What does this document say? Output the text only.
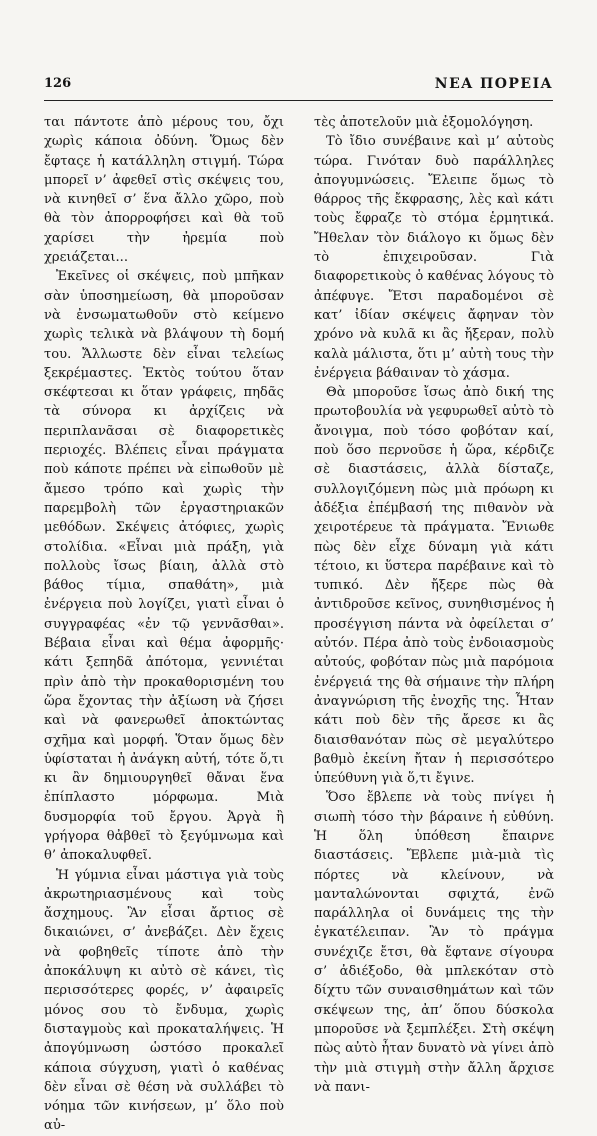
126	ΝΕΑ ΠΟΡΕΙΑ

ται πάντοτε ἀπὸ μέρους του, ὄχι χωρὶς κάποια ὀδύνη. Ὅμως δὲν ἔφταςε ἡ κατάλληλη στιγμή. Τώρα μπορεῖ ν’ ἀφεθεῖ στὶς σκέψεις του, νὰ κινηθεῖ σ’ ἕνα ἄλλο χῶρο, ποὺ θὰ τὸν ἀπορροφήσει καὶ θὰ τοῦ χαρίσει τὴν ἠρεμία ποὺ χρειάζεται...

Ἐκεῖνες οἱ σκέψεις, ποὺ μπῆκαν σὰν ὑποσημείωση, θὰ μποροῦσαν νὰ ἐνσωματωθοῦν στὸ κείμενο χωρὶς τελικὰ νὰ βλάψουν τὴ δομή του. Ἄλλωστε δὲν εἶναι τελείως ξεκρέμαστες. Ἐκτὸς τούτου ὅταν σκέφτεσαι κι ὅταν γράφεις, πηδᾶς τὰ σύνορα κι ἀρχίζεις νὰ περιπλανᾶσαι σὲ διαφορετικὲς περιοχές. Βλέπεις εἶναι πράγματα ποὺ κάποτε πρέπει νὰ εἰπωθοῦν μὲ ἄμεσο τρόπο καὶ χωρὶς τὴν παρεμβολὴ τῶν ἐργαστηριακῶν μεθόδων. Σκέψεις ἀτόφιες, χωρὶς στολίδια. «Εἶναι μιὰ πράξη, γιὰ πολλοὺς ἴσως βίαιη, ἀλλὰ στὸ βάθος τίμια, σπαθάτη», μιὰ ἐνέργεια ποὺ λογίζει, γιατὶ εἶναι ὁ συγγραφέας «ἐν τῷ γεννᾶσθαι». Βέβαια εἶναι καὶ θέμα ἀφορμῆς· κάτι ξεπηδᾶ ἀπότομα, γεννιέται πρὶν ἀπὸ τὴν προκαθορισμένη του ὥρα ἔχοντας τὴν ἀξίωση νὰ ζήσει καὶ νὰ φανερωθεῖ ἀποκτώντας σχῆμα καὶ μορφή. Ὅταν ὅμως δὲν ὑφίσταται ἡ ἀνάγκη αὐτή, τότε ὅ,τι κι ἂν δημιουργηθεῖ θἄναι ἕνα ἐπίπλαστο μόρφωμα. Μιὰ δυσμορφία τοῦ ἔργου. Ἀργὰ ἢ γρήγορα θἀβθεῖ τὸ ξεγύμνωμα καὶ θ’ ἀποκαλυφθεῖ.

Ἡ γύμνια εἶναι μάστιγα γιὰ τοὺς ἀκρωτηριασμένους καὶ τοὺς ἄσχημους. Ἂν εἶσαι ἄρτιος σὲ δικαιώνει, σ’ ἀνεβάζει. Δὲν ἔχεις νὰ φοβηθεῖς τίποτε ἀπὸ τὴν ἀποκάλυψη κι αὐτὸ σὲ κάνει, τὶς περισσότερες φορές, ν’ ἀφαιρεῖς μόνος σου τὸ ἔνδυμα, χωρὶς δισταγμοὺς καὶ προκαταλήψεις. Ἡ ἀπογύμνωση ὡστόσο προκαλεῖ κάποια σύγχυση, γιατὶ ὁ καθένας δὲν εἶναι σὲ θέση νὰ συλλάβει τὸ νόημα τῶν κινήσεων, μ’ ὅλο ποὺ αὐ-

τὲς ἀποτελοῦν μιὰ ἐξομολόγηση.

Τὸ ἴδιο συνέβαινε καὶ μ’ αὐτοὺς τώρα. Γινόταν δυὸ παράλληλες ἀπογυμνώσεις. Ἔλειπε ὅμως τὸ θάρρος τῆς ἔκφρασης, λὲς καὶ κάτι τοὺς ἔφραζε τὸ στόμα ἑρμητικά. Ἤθελαν τὸν διάλογο κι ὅμως δὲν τὸ ἐπιχειροῦσαν. Γιὰ διαφορετικοὺς ὁ καθένας λόγους τὸ ἀπέφυγε. Ἔτσι παραδομένοι σὲ κατ’ ἰδίαν σκέψεις ἄφηναν τὸν χρόνο νὰ κυλᾶ κι ἂς ἤξεραν, πολὺ καλὰ μάλιστα, ὅτι μ’ αὐτὴ τους τὴν ἐνέργεια βάθαιναν τὸ χάσμα.

Θὰ μποροῦσε ἴσως ἀπὸ δική της πρωτοβουλία νὰ γεφυρωθεῖ αὐτὸ τὸ ἄνοιγμα, ποὺ τόσο φοβόταν καί, ποὺ ὅσο περνοῦσε ἡ ὥρα, κέρδιζε σὲ διαστάσεις, ἀλλὰ δίσταζε, συλλογιζόμενη πὼς μιὰ πρόωρη κι ἀδέξια ἐπέμβασή της πιθανὸν νὰ χειροτέρευε τὰ πράγματα. Ἔνιωθε πὼς δὲν εἶχε δύναμη γιὰ κάτι τέτοιο, κι ὕστερα παρέβαινε καὶ τὸ τυπικό. Δὲν ἤξερε πὼς θὰ ἀντιδροῦσε κεῖνος, συνηθισμένος ἡ προσέγγιση πάντα νὰ ὀφείλεται σ’ αὐτόν. Πέρα ἀπὸ τοὺς ἐνδοιασμοὺς αὐτούς, φοβόταν πὼς μιὰ παρόμοια ἐνέργειά της θὰ σήμαινε τὴν πλήρη ἀναγνώριση τῆς ἐνοχῆς της. Ἦταν κάτι ποὺ δὲν τῆς ἄρεσε κι ἂς διαισθανόταν πὼς σὲ μεγαλύτερο βαθμὸ ἐκείνη ἤταν ἡ περισσότερο ὑπεύθυνη γιὰ ὅ,τι ἔγινε.

Ὅσο ἔβλεπε νὰ τοὺς πνίγει ἡ σιωπὴ τόσο τὴν βάραινε ἡ εὐθύνη. Ἡ ὅλη ὑπόθεση ἔπαιρνε διαστάσεις. Ἔβλεπε μιὰ-μιὰ τὶς πόρτες νὰ κλείνουν, νὰ μανταλώνονται σφιχτά, ἐνῶ παράλληλα οἱ δυνάμεις της τὴν ἐγκατέλειπαν. Ἂν τὸ πράγμα συνέχιζε ἔτσι, θὰ ἔφτανε σίγουρα σ’ ἀδιέξοδο, θὰ μπλεκόταν στὸ δίχτυ τῶν συναισθημάτων καὶ τῶν σκέψεων της, ἀπ’ ὅπου δύσκολα μποροῦσε νὰ ξεμπλέξει. Στὴ σκέψη πὼς αὐτὸ ἦταν δυνατὸ νὰ γίνει ἀπὸ τὴν μιὰ στιγμὴ στὴν ἄλλη ἄρχισε νὰ πανι-
